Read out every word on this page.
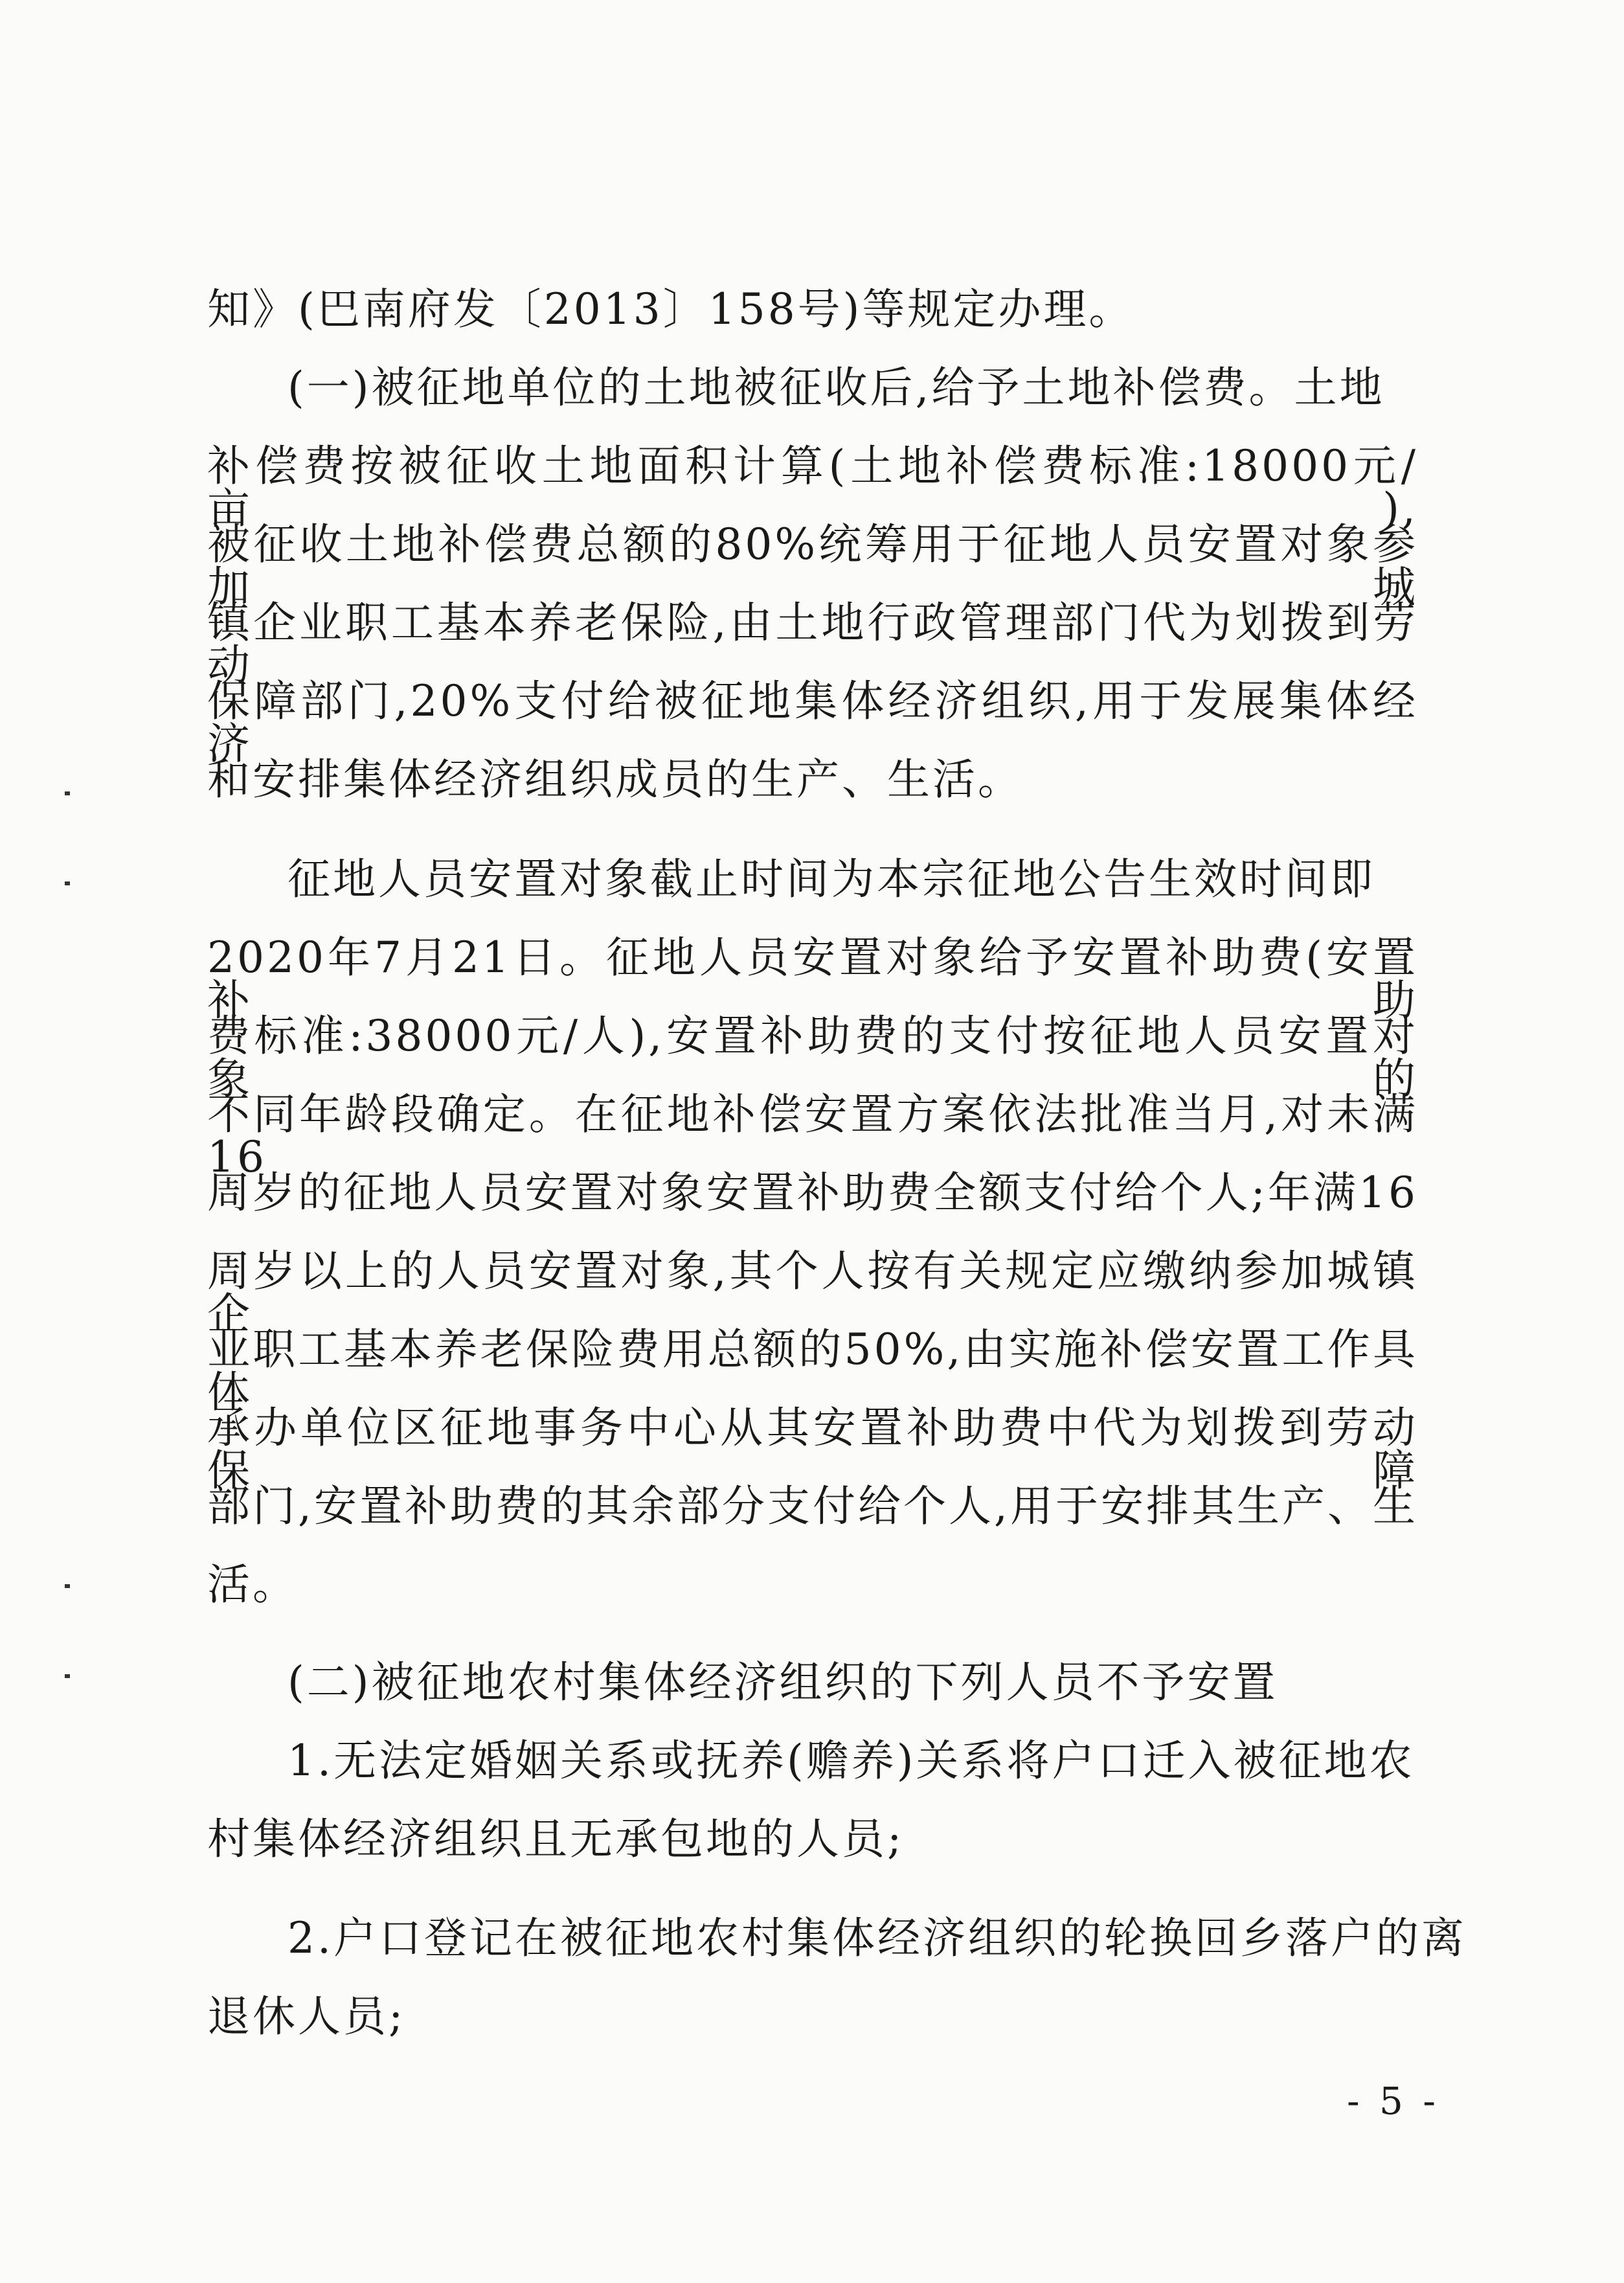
知》(巴南府发〔2013〕158号)等规定办理。
(一)被征地单位的土地被征收后,给予土地补偿费。土地
补偿费按被征收土地面积计算(土地补偿费标准:18000元/亩),
被征收土地补偿费总额的80%统筹用于征地人员安置对象参加城
镇企业职工基本养老保险,由土地行政管理部门代为划拨到劳动
保障部门,20%支付给被征地集体经济组织,用于发展集体经济
和安排集体经济组织成员的生产、生活。
征地人员安置对象截止时间为本宗征地公告生效时间即
2020年7月21日。征地人员安置对象给予安置补助费(安置补助
费标准:38000元/人),安置补助费的支付按征地人员安置对象的
不同年龄段确定。在征地补偿安置方案依法批准当月,对未满16
周岁的征地人员安置对象安置补助费全额支付给个人;年满16
周岁以上的人员安置对象,其个人按有关规定应缴纳参加城镇企
业职工基本养老保险费用总额的50%,由实施补偿安置工作具体
承办单位区征地事务中心从其安置补助费中代为划拨到劳动保障
部门,安置补助费的其余部分支付给个人,用于安排其生产、生
活。
(二)被征地农村集体经济组织的下列人员不予安置
1.无法定婚姻关系或抚养(赡养)关系将户口迁入被征地农
村集体经济组织且无承包地的人员;
2.户口登记在被征地农村集体经济组织的轮换回乡落户的离
退休人员;
- 5 -
